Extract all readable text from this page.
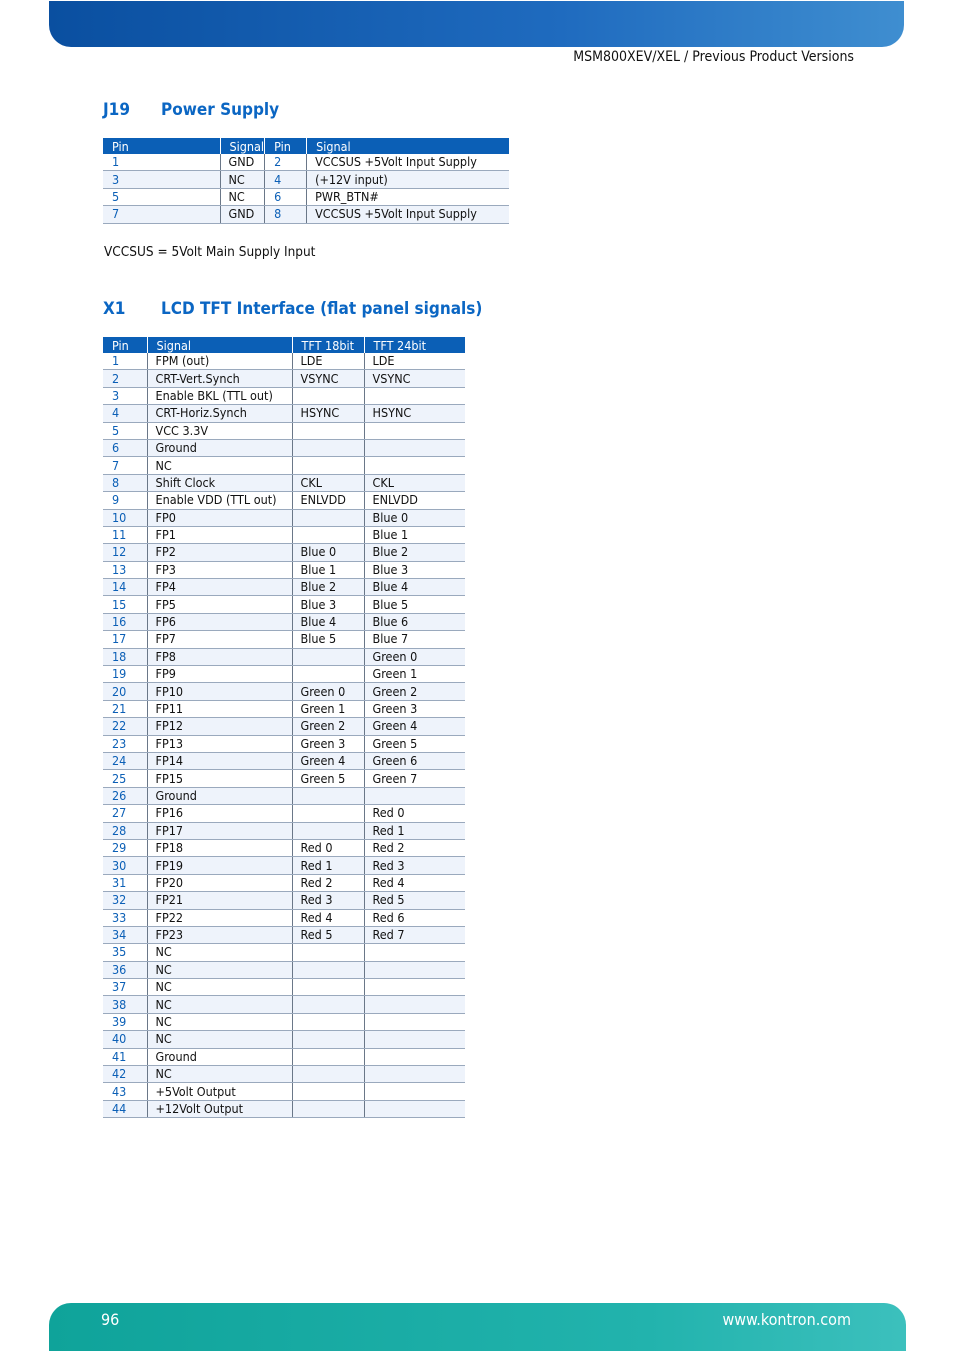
MSM800XEV/XEL / Previous Product Versions
J19 Power Supply
Pin	Signal	Pin	Signal
1	GND	2	VCCSUS +5Volt Input Supply
3	NC	4	(+12V input)
5	NC	6	PWR_BTN#
7	GND	8	VCCSUS +5Volt Input Supply
VCCSUS = 5Volt Main Supply Input
X1 LCD TFT Interface (flat panel signals)
Pin	Signal	TFT 18bit	TFT 24bit
1	FPM (out)	LDE	LDE
2	CRT-Vert.Synch	VSYNC	VSYNC
3	Enable BKL (TTL out)		
4	CRT-Horiz.Synch	HSYNC	HSYNC
5	VCC 3.3V		
6	Ground		
7	NC		
8	Shift Clock	CKL	CKL
9	Enable VDD (TTL out)	ENLVDD	ENLVDD
10	FP0		Blue 0
11	FP1		Blue 1
12	FP2	Blue 0	Blue 2
13	FP3	Blue 1	Blue 3
14	FP4	Blue 2	Blue 4
15	FP5	Blue 3	Blue 5
16	FP6	Blue 4	Blue 6
17	FP7	Blue 5	Blue 7
18	FP8		Green 0
19	FP9		Green 1
20	FP10	Green 0	Green 2
21	FP11	Green 1	Green 3
22	FP12	Green 2	Green 4
23	FP13	Green 3	Green 5
24	FP14	Green 4	Green 6
25	FP15	Green 5	Green 7
26	Ground		
27	FP16		Red 0
28	FP17		Red 1
29	FP18	Red 0	Red 2
30	FP19	Red 1	Red 3
31	FP20	Red 2	Red 4
32	FP21	Red 3	Red 5
33	FP22	Red 4	Red 6
34	FP23	Red 5	Red 7
35	NC		
36	NC		
37	NC		
38	NC		
39	NC		
40	NC		
41	Ground		
42	NC		
43	+5Volt Output		
44	+12Volt Output		
96	www.kontron.com
